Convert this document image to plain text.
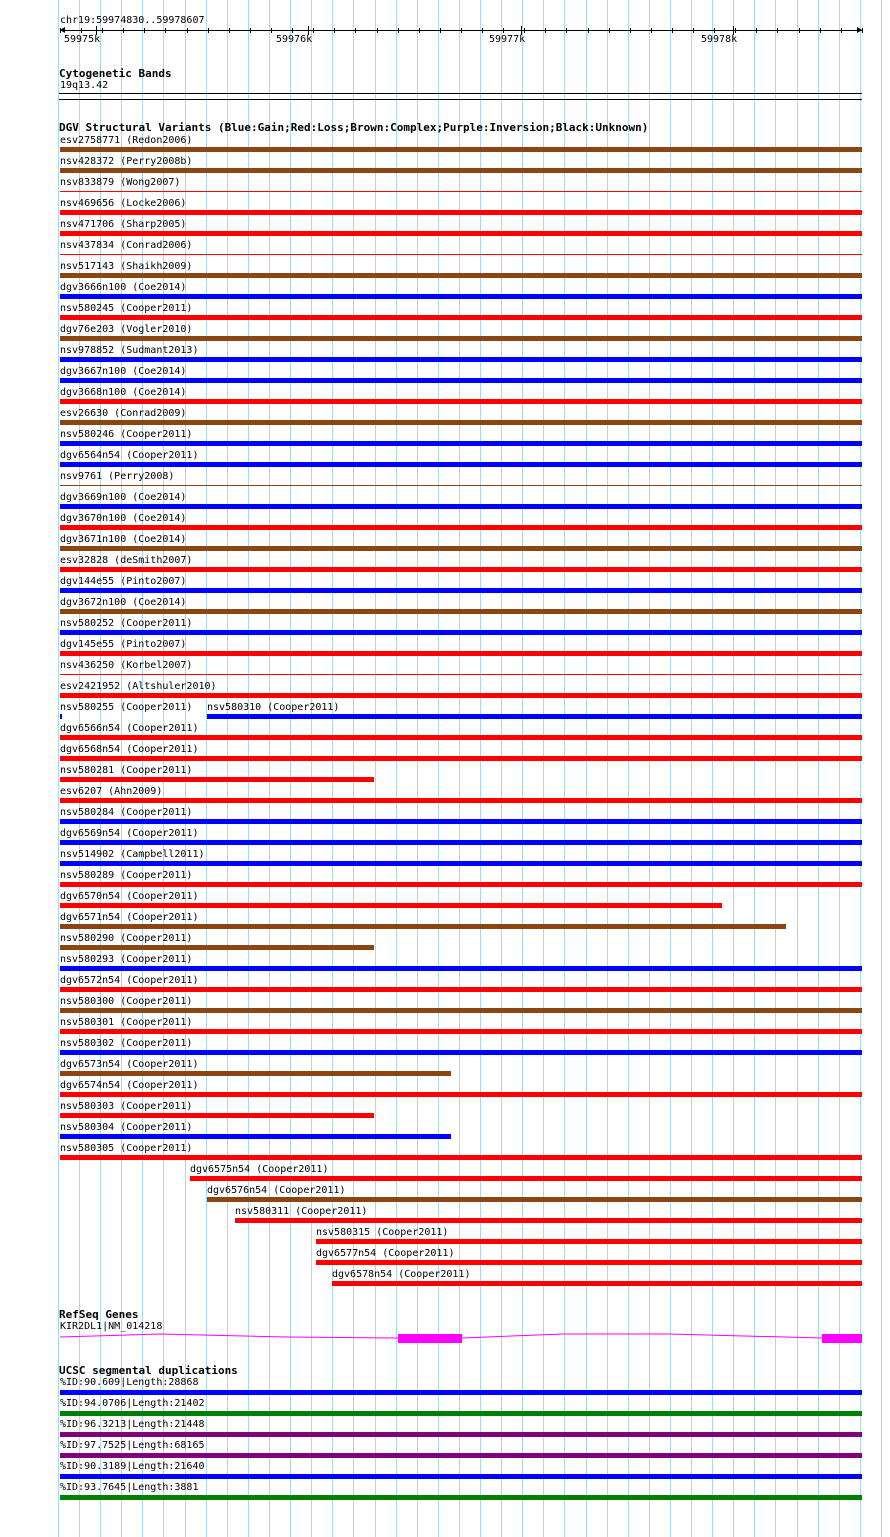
chr19:59974830..59978607
59975k	59976k	59977k	59978k
Cytogenetic Bands
19q13.42
DGV Structural Variants (Blue:Gain;Red:Loss;Brown:Complex;Purple:Inversion;Black:Unknown)
esv2758771 (Redon2006)
nsv428372 (Perry2008b)
nsv833879 (Wong2007)
nsv469656 (Locke2006)
nsv471706 (Sharp2005)
nsv437834 (Conrad2006)
nsv517143 (Shaikh2009)
dgv3666n100 (Coe2014)
nsv580245 (Cooper2011)
dgv76e203 (Vogler2010)
nsv978852 (Sudmant2013)
dgv3667n100 (Coe2014)
dgv3668n100 (Coe2014)
esv26630 (Conrad2009)
nsv580246 (Cooper2011)
dgv6564n54 (Cooper2011)
nsv9761 (Perry2008)
dgv3669n100 (Coe2014)
dgv3670n100 (Coe2014)
dgv3671n100 (Coe2014)
esv32828 (deSmith2007)
dgv144e55 (Pinto2007)
dgv3672n100 (Coe2014)
nsv580252 (Cooper2011)
dgv145e55 (Pinto2007)
nsv436250 (Korbel2007)
esv2421952 (Altshuler2010)
nsv580255 (Cooper2011) nsv580310 (Cooper2011)
dgv6566n54 (Cooper2011)
dgv6568n54 (Cooper2011)
nsv580281 (Cooper2011)
esv6207 (Ahn2009)
nsv580284 (Cooper2011)
dgv6569n54 (Cooper2011)
nsv514902 (Campbell2011)
nsv580289 (Cooper2011)
dgv6570n54 (Cooper2011)
dgv6571n54 (Cooper2011)
nsv580290 (Cooper2011)
nsv580293 (Cooper2011)
dgv6572n54 (Cooper2011)
nsv580300 (Cooper2011)
nsv580301 (Cooper2011)
nsv580302 (Cooper2011)
dgv6573n54 (Cooper2011)
dgv6574n54 (Cooper2011)
nsv580303 (Cooper2011)
nsv580304 (Cooper2011)
nsv580305 (Cooper2011)
dgv6575n54 (Cooper2011)
dgv6576n54 (Cooper2011)
nsv580311 (Cooper2011)
nsv580315 (Cooper2011)
dgv6577n54 (Cooper2011)
dgv6578n54 (Cooper2011)
RefSeq Genes
KIR2DL1|NM_014218
UCSC segmental duplications
%ID:90.609|Length:28868
%ID:94.0706|Length:21402
%ID:96.3213|Length:21448
%ID:97.7525|Length:68165
%ID:90.3189|Length:21640
%ID:93.7645|Length:3881
